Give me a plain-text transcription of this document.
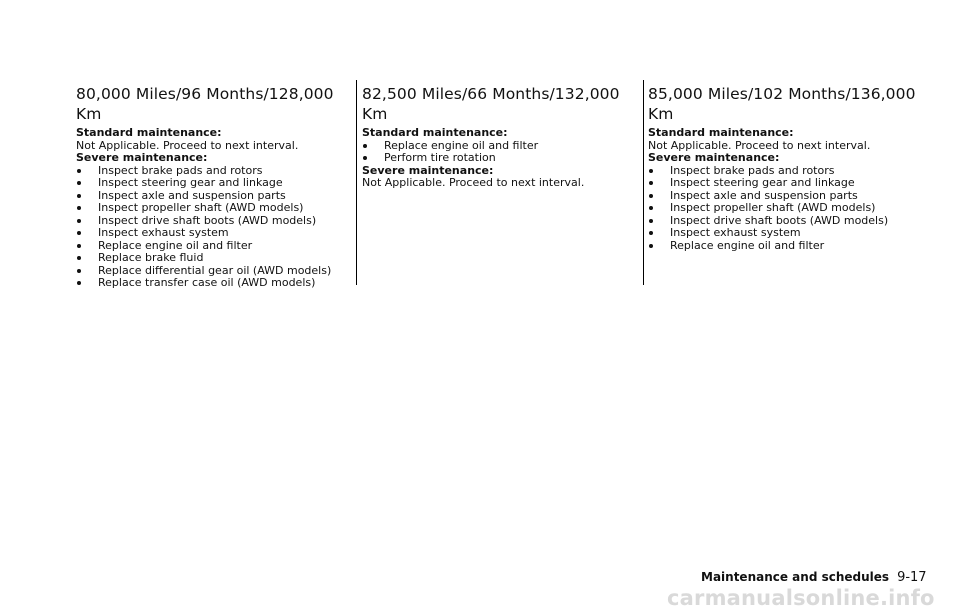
80,000 Miles/96 Months/128,000 Km

Standard maintenance:

Not Applicable. Proceed to next interval.

Severe maintenance:

Inspect brake pads and rotors
Inspect steering gear and linkage
Inspect axle and suspension parts
Inspect propeller shaft (AWD models)
Inspect drive shaft boots (AWD models)
Inspect exhaust system
Replace engine oil and filter
Replace brake fluid
Replace differential gear oil (AWD models)
Replace transfer case oil (AWD models)
82,500 Miles/66 Months/132,000 Km

Standard maintenance:

Replace engine oil and filter
Perform tire rotation

Severe maintenance:

Not Applicable. Proceed to next interval.

85,000 Miles/102 Months/136,000 Km

Standard maintenance:

Not Applicable. Proceed to next interval.

Severe maintenance:

Inspect brake pads and rotors
Inspect steering gear and linkage
Inspect axle and suspension parts
Inspect propeller shaft (AWD models)
Inspect drive shaft boots (AWD models)
Inspect exhaust system
Replace engine oil and filter
Maintenance and schedules 9-17
carmanualsonline.info
